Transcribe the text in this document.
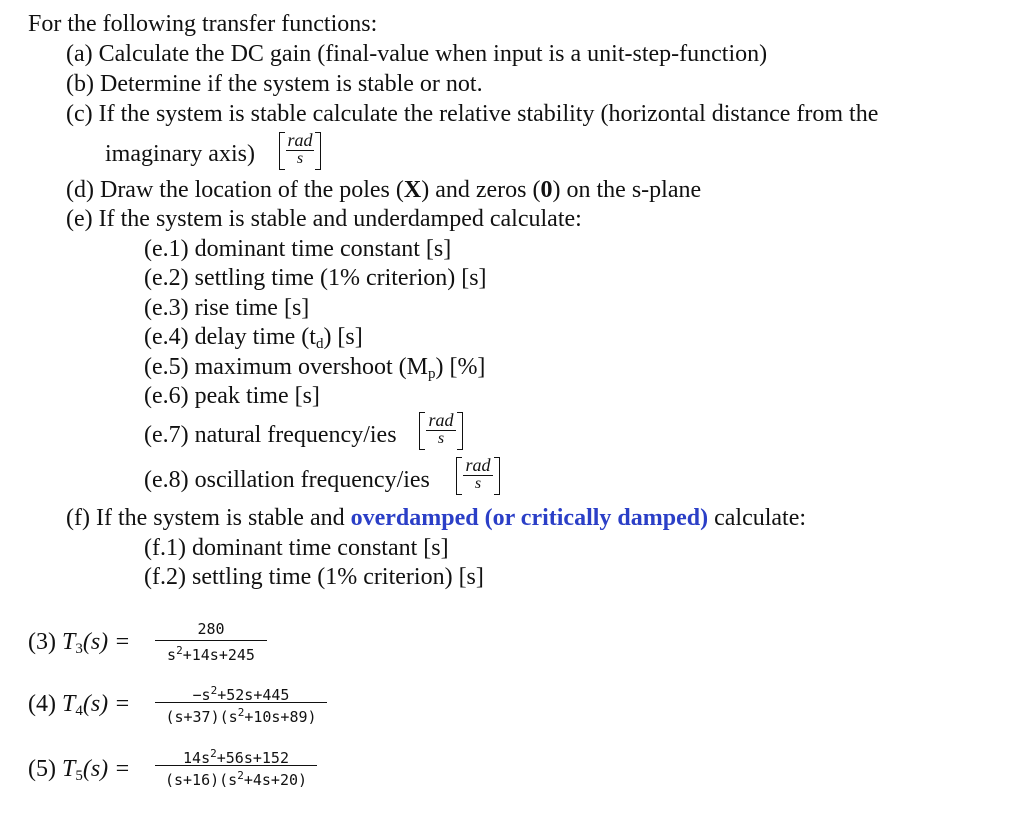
For the following transfer functions:
(a) Calculate the DC gain (final-value when input is a unit-step-function)
(b) Determine if the system is stable or not.
(c) If the system is stable calculate the relative stability (horizontal distance from the
imaginary axis)
rad
s
(d) Draw the location of the poles (X) and zeros (0) on the s-plane
(e) If the system is stable and underdamped calculate:
(e.1) dominant time constant [s]
(e.2) settling time (1% criterion) [s]
(e.3) rise time [s]
(e.4) delay time $(t_d)$ [s]
(e.5) maximum overshoot $(M_p)$ [%]
(e.6) peak time [s]
(e.7) natural frequency/ies
rad
s
(e.8) oscillation frequency/ies
rad
s
(f) If the system is stable and overdamped (or critically damped) calculate:
(f.1) dominant time constant [s]
(f.2) settling time (1% criterion) [s]
(3) $T_3(s)$ =	280
$s^2+14s+245$
(4) $T_4(s)$ =	$-s^2+52s+445$
$(s+37)(s^2+10s+89)$
(5) $T_5(s)$ =	$14s^2+56s+152$
$(s+16)(s^2+4s+20)$
